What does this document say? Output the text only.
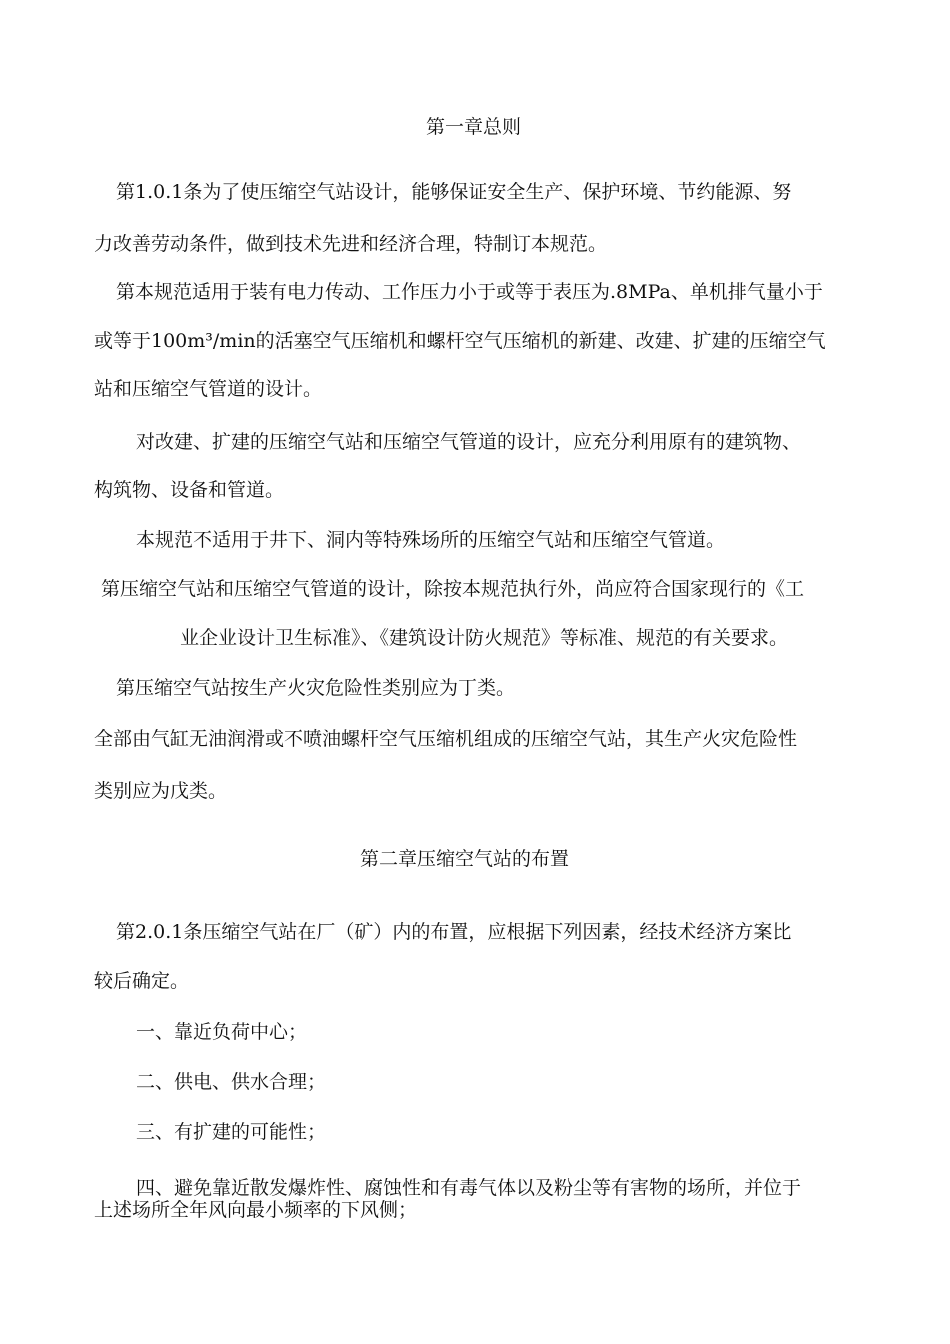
第一章总则
第1.0.1条为了使压缩空气站设计，能够保证安全生产、保护环境、节约能源、努
力改善劳动条件，做到技术先进和经济合理，特制订本规范。
第本规范适用于装有电力传动、工作压力小于或等于表压为.8MPa、单机排气量小于
或等于100m³/min的活塞空气压缩机和螺杆空气压缩机的新建、改建、扩建的压缩空气
站和压缩空气管道的设计。
对改建、扩建的压缩空气站和压缩空气管道的设计，应充分利用原有的建筑物、
构筑物、设备和管道。
本规范不适用于井下、洞内等特殊场所的压缩空气站和压缩空气管道。
第压缩空气站和压缩空气管道的设计，除按本规范执行外，尚应符合国家现行的《工
业企业设计卫生标准》、《建筑设计防火规范》等标准、规范的有关要求。
第压缩空气站按生产火灾危险性类别应为丁类。
全部由气缸无油润滑或不喷油螺杆空气压缩机组成的压缩空气站，其生产火灾危险性
类别应为戊类。
第二章压缩空气站的布置
第2.0.1条压缩空气站在厂（矿）内的布置，应根据下列因素，经技术经济方案比
较后确定。
一、靠近负荷中心；
二、供电、供水合理；
三、有扩建的可能性；
四、避免靠近散发爆炸性、腐蚀性和有毒气体以及粉尘等有害物的场所，并位于
上述场所全年风向最小频率的下风侧；
